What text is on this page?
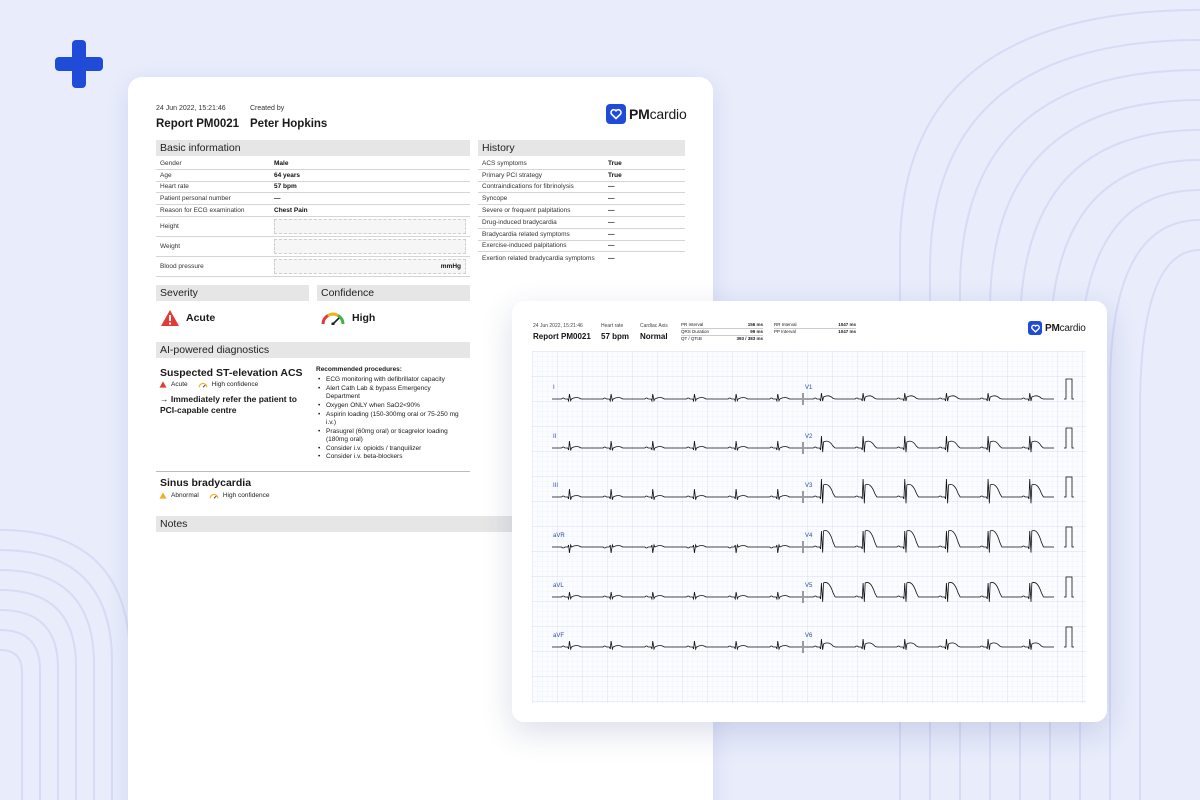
24 Jun 2022, 15:21:46	Created by
Report PM0021 Peter Hopkins
PMcardio
Basic information
Gender	Male
Age	64 years
Heart rate	57 bpm
Patient personal number	—
Reason for ECG examination	Chest Pain
Height
Weight
Blood pressure	mmHg
History
ACS symptoms	True
Primary PCI strategy	True
Contraindications for fibrinolysis	—
Syncope	—
Severe or frequent palpitations	—
Drug-induced bradycardia	—
Bradycardia related symptoms	—
Exercise-induced palpitations	—
Exertion related bradycardia symptoms	—
Severity
Acute
Confidence
High
AI-powered diagnostics
Suspected ST-elevation ACS
Acute	High confidence
→ Immediately refer the patient to PCI-capable centre
Recommended procedures:
• ECG monitoring with defibrillator capacity
• Alert Cath Lab & bypass Emergency Department
• Oxygen ONLY when SaO2<90%
• Aspirin loading (150-300mg oral or 75-250 mg i.v.)
• Prasugrel (60mg oral) or ticagrelor loading (180mg oral)
• Consider i.v. opioids / tranquilizer
• Consider i.v. beta-blockers
Sinus bradycardia
Abnormal	High confidence
Notes
24 Jun 2022, 15:21:46
Report PM0021
Heart rate
57 bpm
Cardiac Axis
Normal
PR Interval	156 ms
QRS Duration	99 ms
QT / QTcB	393 / 383 ms
RR Interval	1047 ms
PP Interval	1047 ms	PMcardio
I	V1
II	V2
III	V3
aVR	V4
aVL	V5
aVF	V6
